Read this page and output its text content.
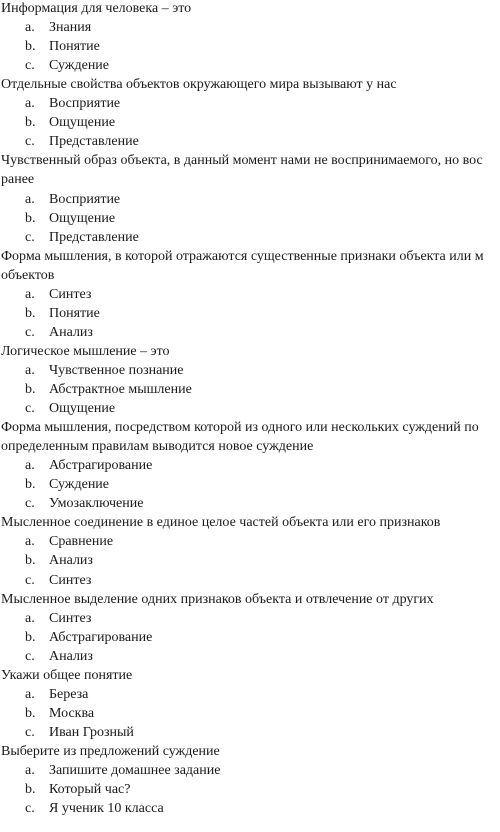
Информация для человека – это
a. Знания
b. Понятие
c. Суждение
Отдельные свойства объектов окружающего мира вызывают у нас
a. Восприятие
b. Ощущение
c. Представление
Чувственный образ объекта, в данный момент нами не воспринимаемого, но вос
ранее
a. Восприятие
b. Ощущение
c. Представление
Форма мышления, в которой отражаются существенные признаки объекта или м
объектов
a. Синтез
b. Понятие
c. Анализ
Логическое мышление – это
a. Чувственное познание
b. Абстрактное мышление
c. Ощущение
Форма мышления, посредством которой из одного или нескольких суждений по
определенным правилам выводится новое суждение
a. Абстрагирование
b. Суждение
c. Умозаключение
Мысленное соединение в единое целое частей объекта или его признаков
a. Сравнение
b. Анализ
c. Синтез
Мысленное выделение одних признаков объекта и отвлечение от других
a. Синтез
b. Абстрагирование
c. Анализ
Укажи общее понятие
a. Береза
b. Москва
c. Иван Грозный
Выберите из предложений суждение
a. Запишите домашнее задание
b. Который час?
c. Я ученик 10 класса
